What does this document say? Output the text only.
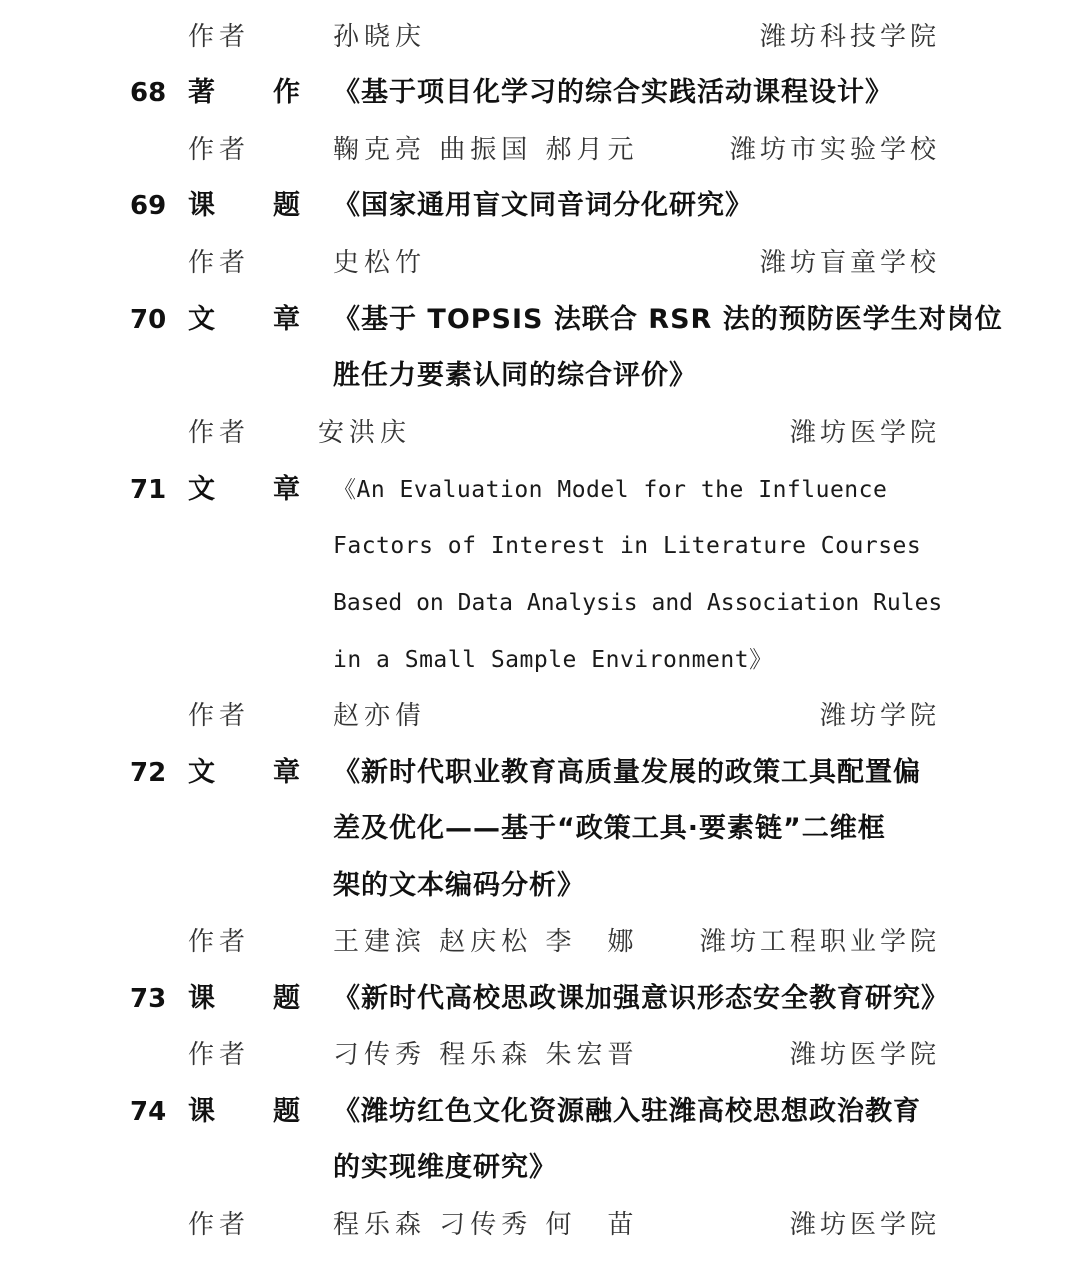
作者	孙晓庆	潍坊科技学院
68 著作
《基于项目化学习的综合实践活动课程设计》
作者	鞠克亮 曲振国 郝月元	潍坊市实验学校
69 课题
《国家通用盲文同音词分化研究》
作者	史松竹	潍坊盲童学校
70 文章
《基于 TOPSIS 法联合 RSR 法的预防医学生对岗位
胜任力要素认同的综合评价》
作者	安洪庆	潍坊医学院
71 文章
《An Evaluation Model for the Influence
Factors of Interest in Literature Courses
Based on Data Analysis and Association Rules
in a Small Sample Environment》
作者	赵亦倩	潍坊学院
72 文章
《新时代职业教育高质量发展的政策工具配置偏
差及优化——基于“政策工具·要素链”二维框
架的文本编码分析》
作者	王建滨 赵庆松 李　娜 潍坊工程职业学院
73 课题
《新时代高校思政课加强意识形态安全教育研究》
作者	刁传秀 程乐森 朱宏晋	潍坊医学院
74 课题
《潍坊红色文化资源融入驻潍高校思想政治教育
的实现维度研究》
作者	程乐森 刁传秀 何　苗	潍坊医学院
